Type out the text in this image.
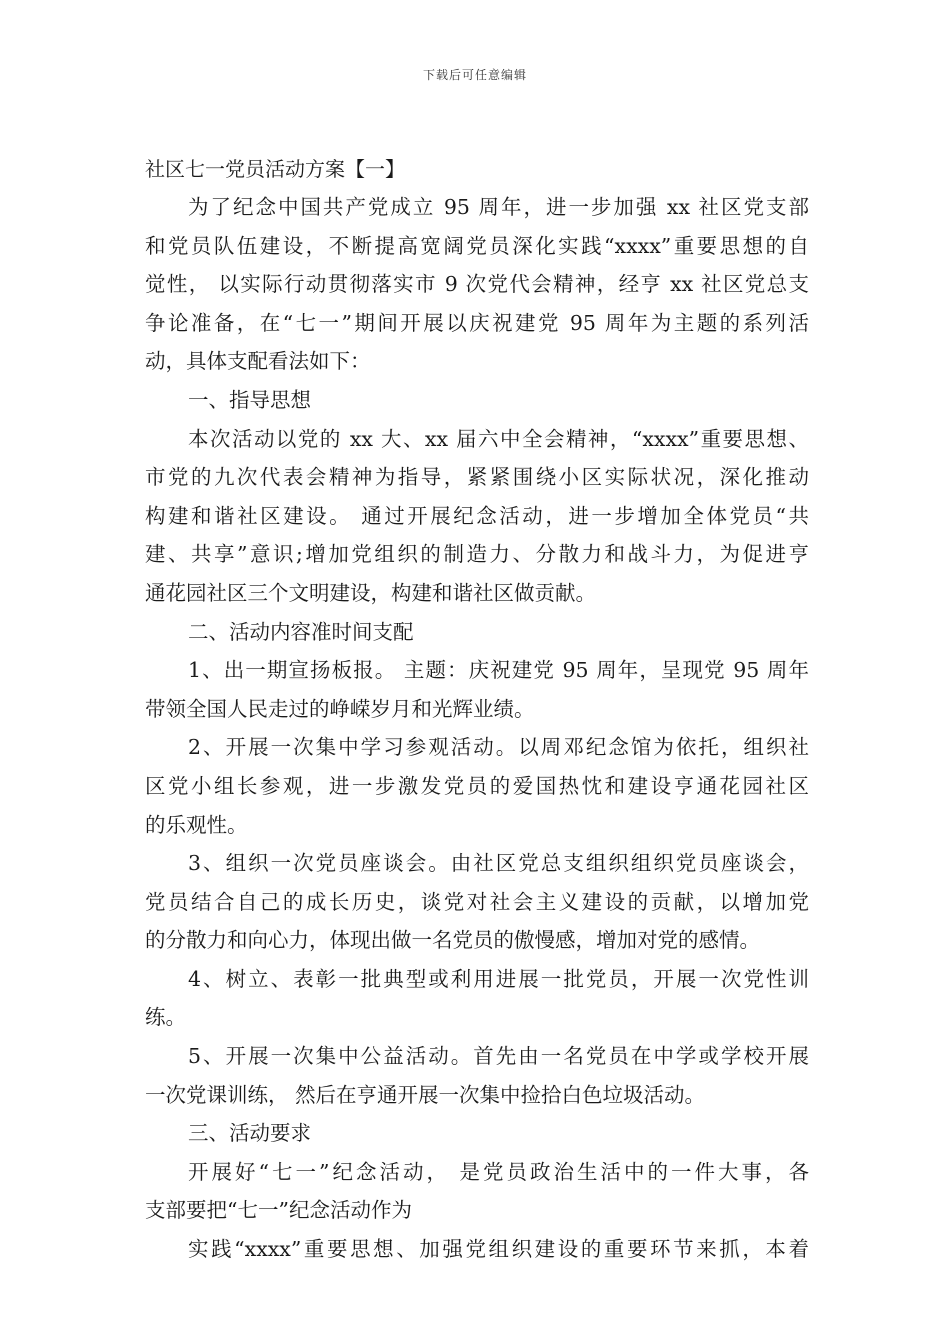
下载后可任意编辑
社区七一党员活动方案【一】
为了纪念中国共产党成立 95 周年，进一步加强 xx 社区党支部
和党员队伍建设，不断提高宽阔党员深化实践“xxxx”重要思想的自
觉性， 以实际行动贯彻落实市 9 次党代会精神，经亨 xx 社区党总支
争论准备，在“七一”期间开展以庆祝建党 95 周年为主题的系列活
动，具体支配看法如下：
一、指导思想
本次活动以党的 xx 大、xx 届六中全会精神，“xxxx”重要思想、
市党的九次代表会精神为指导，紧紧围绕小区实际状况，深化推动
构建和谐社区建设。 通过开展纪念活动，进一步增加全体党员“共
建、共享”意识;增加党组织的制造力、分散力和战斗力，为促进亨
通花园社区三个文明建设，构建和谐社区做贡献。
二、活动内容准时间支配
1、出一期宣扬板报。 主题：庆祝建党 95 周年，呈现党 95 周年
带领全国人民走过的峥嵘岁月和光辉业绩。
2、开展一次集中学习参观活动。以周邓纪念馆为依托，组织社
区党小组长参观，进一步激发党员的爱国热忱和建设亨通花园社区
的乐观性。
3、组织一次党员座谈会。由社区党总支组织组织党员座谈会，
党员结合自己的成长历史，谈党对社会主义建设的贡献，以增加党
的分散力和向心力，体现出做一名党员的傲慢感，增加对党的感情。
4、树立、表彰一批典型或利用进展一批党员，开展一次党性训
练。
5、开展一次集中公益活动。首先由一名党员在中学或学校开展
一次党课训练， 然后在亨通开展一次集中捡拾白色垃圾活动。
三、活动要求
开展好“七一”纪念活动， 是党员政治生活中的一件大事，各
支部要把“七一”纪念活动作为
实践“xxxx”重要思想、加强党组织建设的重要环节来抓，本着
